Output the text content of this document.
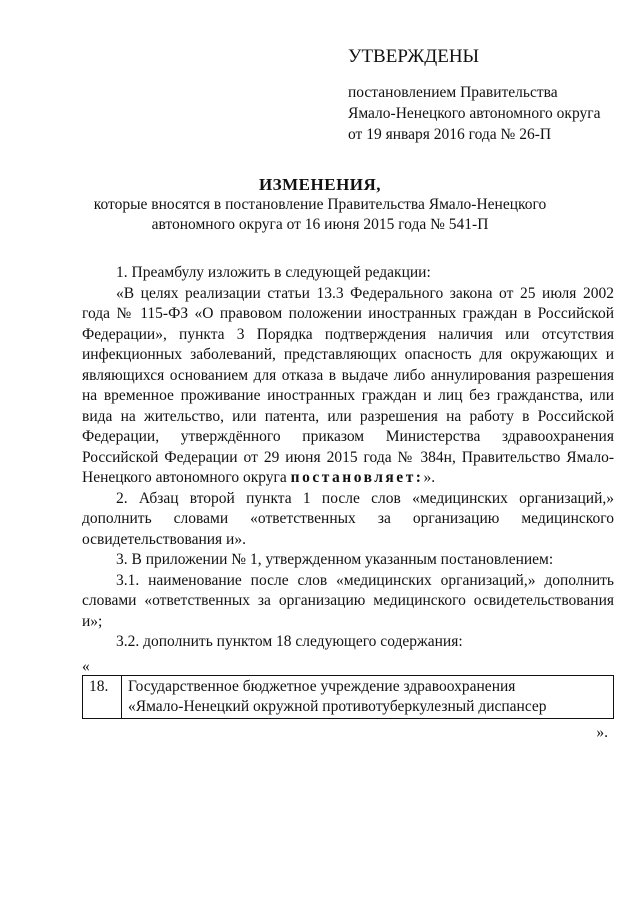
УТВЕРЖДЕНЫ
постановлением Правительства
Ямало-Ненецкого автономного округа
от 19 января 2016 года № 26-П
ИЗМЕНЕНИЯ,
которые вносятся в постановление Правительства Ямало-Ненецкого автономного округа от 16 июня 2015 года № 541-П

1. Преамбулу изложить в следующей редакции:

«В целях реализации статьи 13.3 Федерального закона от 25 июля 2002 года № 115-ФЗ «О правовом положении иностранных граждан в Российской Федерации», пункта 3 Порядка подтверждения наличия или отсутствия инфекционных заболеваний, представляющих опасность для окружающих и являющихся основанием для отказа в выдаче либо аннулирования разрешения на временное проживание иностранных граждан и лиц без гражданства, или вида на жительство, или патента, или разрешения на работу в Российской Федерации, утверждённого приказом Министерства здравоохранения Российской Федерации от 29 июня 2015 года № 384н, Правительство Ямало-Ненецкого автономного округа постановляет:».

2. Абзац второй пункта 1 после слов «медицинских организаций,» дополнить словами «ответственных за организацию медицинского освидетельствования и».

3. В приложении № 1, утвержденном указанным постановлением:

3.1. наименование после слов «медицинских организаций,» дополнить словами «ответственных за организацию медицинского освидетельствования и»;

3.2. дополнить пунктом 18 следующего содержания:

«
18.	Государственное бюджетное учреждение здравоохранения
«Ямало-Ненецкий окружной противотуберкулезный диспансер
».
